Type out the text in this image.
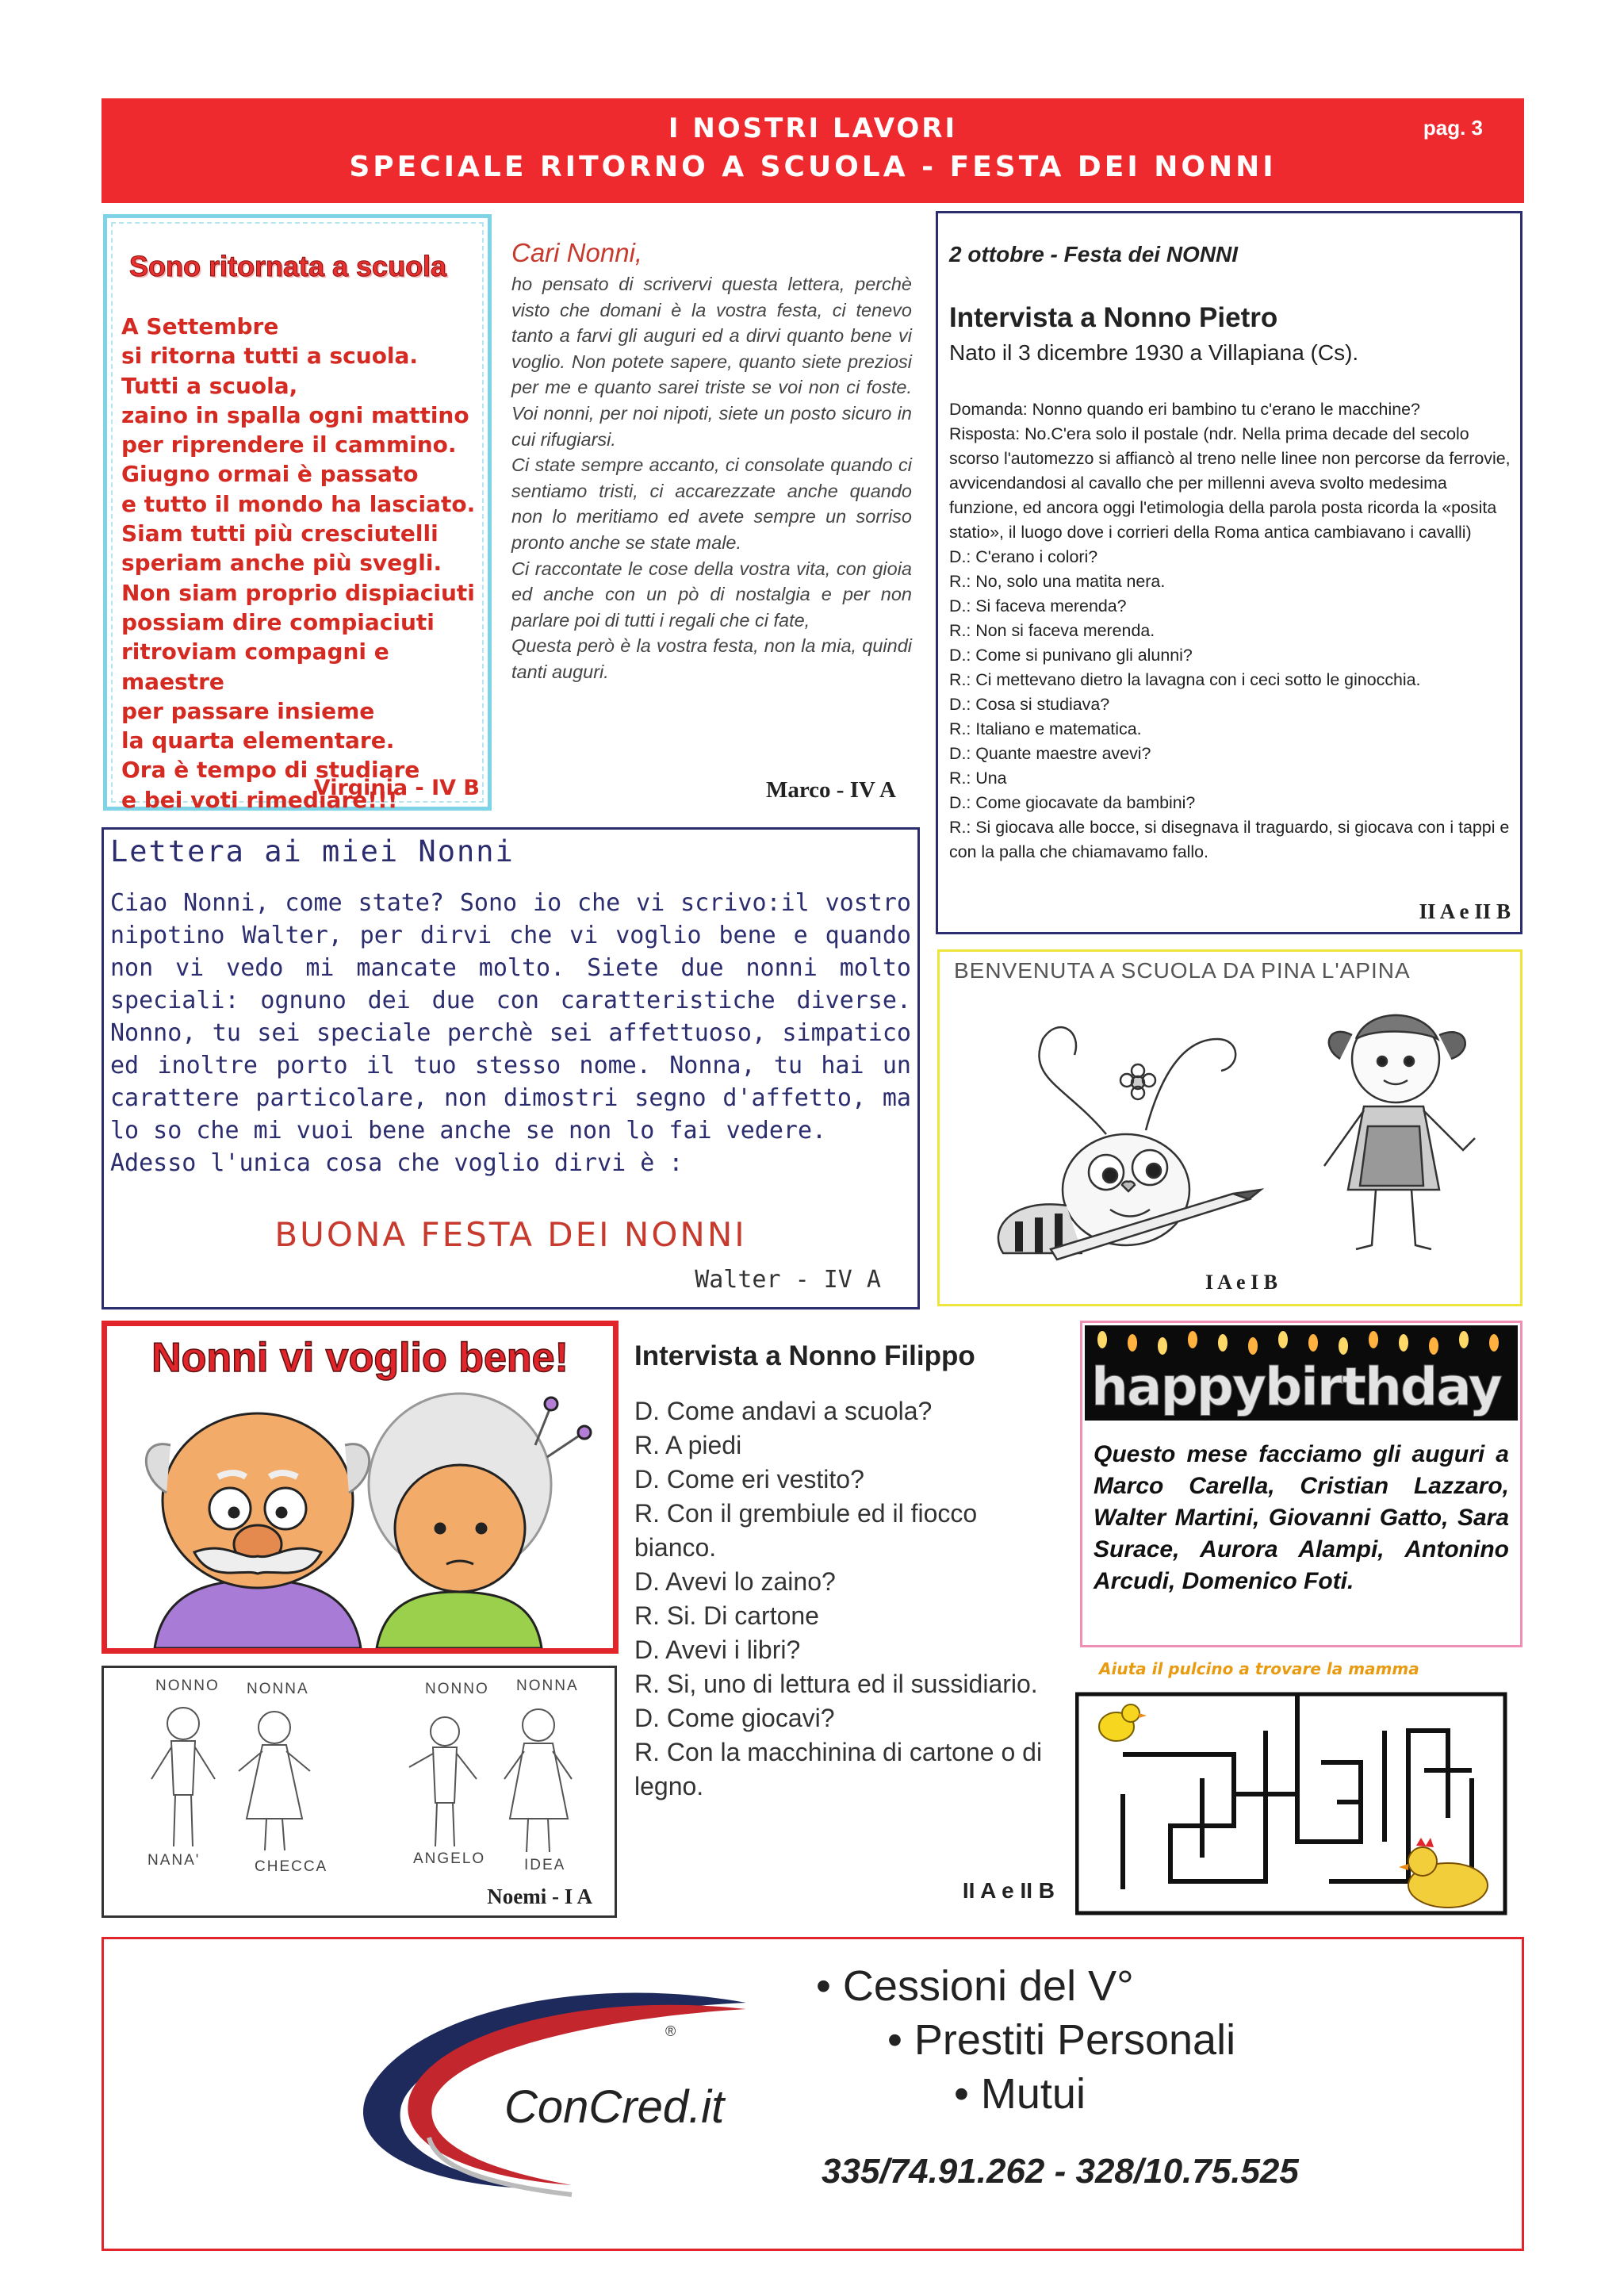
I NOSTRI LAVORI
SPECIALE RITORNO A SCUOLA - FESTA DEI NONNI
pag. 3
Sono ritornata a scuola

A Settembre

si ritorna tutti a scuola.

Tutti a scuola,

zaino in spalla ogni mattino

per riprendere il cammino.

Giugno ormai è passato

e tutto il mondo ha lasciato.

Siam tutti più cresciutelli

speriam anche più svegli.

Non siam proprio dispiaciuti

possiam dire compiaciuti

ritroviam compagni e maestre

per passare insieme

la quarta elementare.

Ora è tempo di studiare

e bei voti rimediare!!!

Virginia - IV B
Cari Nonni,

ho pensato di scrivervi questa lettera, perchè visto che domani è la vostra festa, ci tenevo tanto a farvi gli auguri ed a dirvi quanto bene vi voglio. Non potete sapere, quanto siete preziosi per me e quanto sarei triste se voi non ci foste. Voi nonni, per noi nipoti, siete un posto sicuro in cui rifugiarsi.

Ci state sempre accanto, ci consolate quando ci sentiamo tristi, ci accarezzate anche quando non lo meritiamo ed avete sempre un sorriso pronto anche se state male.

Ci raccontate le cose della vostra vita, con gioia ed anche con un pò di nostalgia e per non parlare poi di tutti i regali che ci fate,

Questa però è la vostra festa, non la mia, quindi tanti auguri.

Marco - IV A
2 ottobre - Festa dei NONNI
Intervista a Nonno Pietro
Nato il 3 dicembre 1930 a Villapiana (Cs).

Domanda: Nonno quando eri bambino tu c'erano le macchine?

Risposta: No.C'era solo il postale (ndr. Nella prima decade del secolo scorso l'automezzo si affiancò al treno nelle linee non percorse da ferrovie, avvicendandosi al cavallo che per millenni aveva svolto medesima funzione, ed ancora oggi l'etimologia della parola posta ricorda la «posita statio», il luogo dove i corrieri della Roma antica cambiavano i cavalli)

D.: C'erano i colori?

R.: No, solo una matita nera.

D.: Si faceva merenda?

R.: Non si faceva merenda.

D.: Come si punivano gli alunni?

R.: Ci mettevano dietro la lavagna con i ceci sotto le ginocchia.

D.: Cosa si studiava?

R.: Italiano e matematica.

D.: Quante maestre avevi?

R.: Una

D.: Come giocavate da bambini?

R.: Si giocava alle bocce, si disegnava il traguardo, si giocava con i tappi e con la palla che chiamavamo fallo.

II A e II B
Lettera ai miei Nonni

Ciao Nonni, come state? Sono io che vi scrivo:il vostro nipotino Walter, per dirvi che vi voglio bene e quando non vi vedo mi mancate molto. Siete due nonni molto speciali: ognuno dei due con caratteristiche diverse. Nonno, tu sei speciale perchè sei affettuoso, simpatico ed inoltre porto il tuo stesso nome. Nonna, tu hai un carattere particolare, non dimostri segno d'affetto, ma lo so che mi vuoi bene anche se non lo fai vedere.

Adesso l'unica cosa che voglio dirvi è :

BUONA FESTA DEI NONNI
Walter - IV A
BENVENUTA A SCUOLA DA PINA L'APINA
I A e I B
Nonni vi voglio bene!
NONNO NONNA
NANA'	CHECCA
NONNO NONNA
ANGELO	IDEA
Noemi - I A
Intervista a Nonno Filippo

D. Come andavi a scuola?

R. A piedi

D. Come eri vestito?

R. Con il grembiule ed il fiocco bianco.

D. Avevi lo zaino?

R. Si. Di cartone

D. Avevi i libri?

R. Si, uno di lettura ed il sussidiario.

D. Come giocavi?

R. Con la macchinina di cartone o di legno.

II A e II B
happybirthday
Questo mese facciamo gli auguri a Marco Carella, Cristian Lazzaro, Walter Martini, Giovanni Gatto, Sara Surace, Aurora Alampi, Antonino Arcudi, Domenico Foti.
Aiuta il pulcino a trovare la mamma
®
ConCred.it
• Cessioni del V°
• Prestiti Personali
• Mutui
335/74.91.262 - 328/10.75.525
